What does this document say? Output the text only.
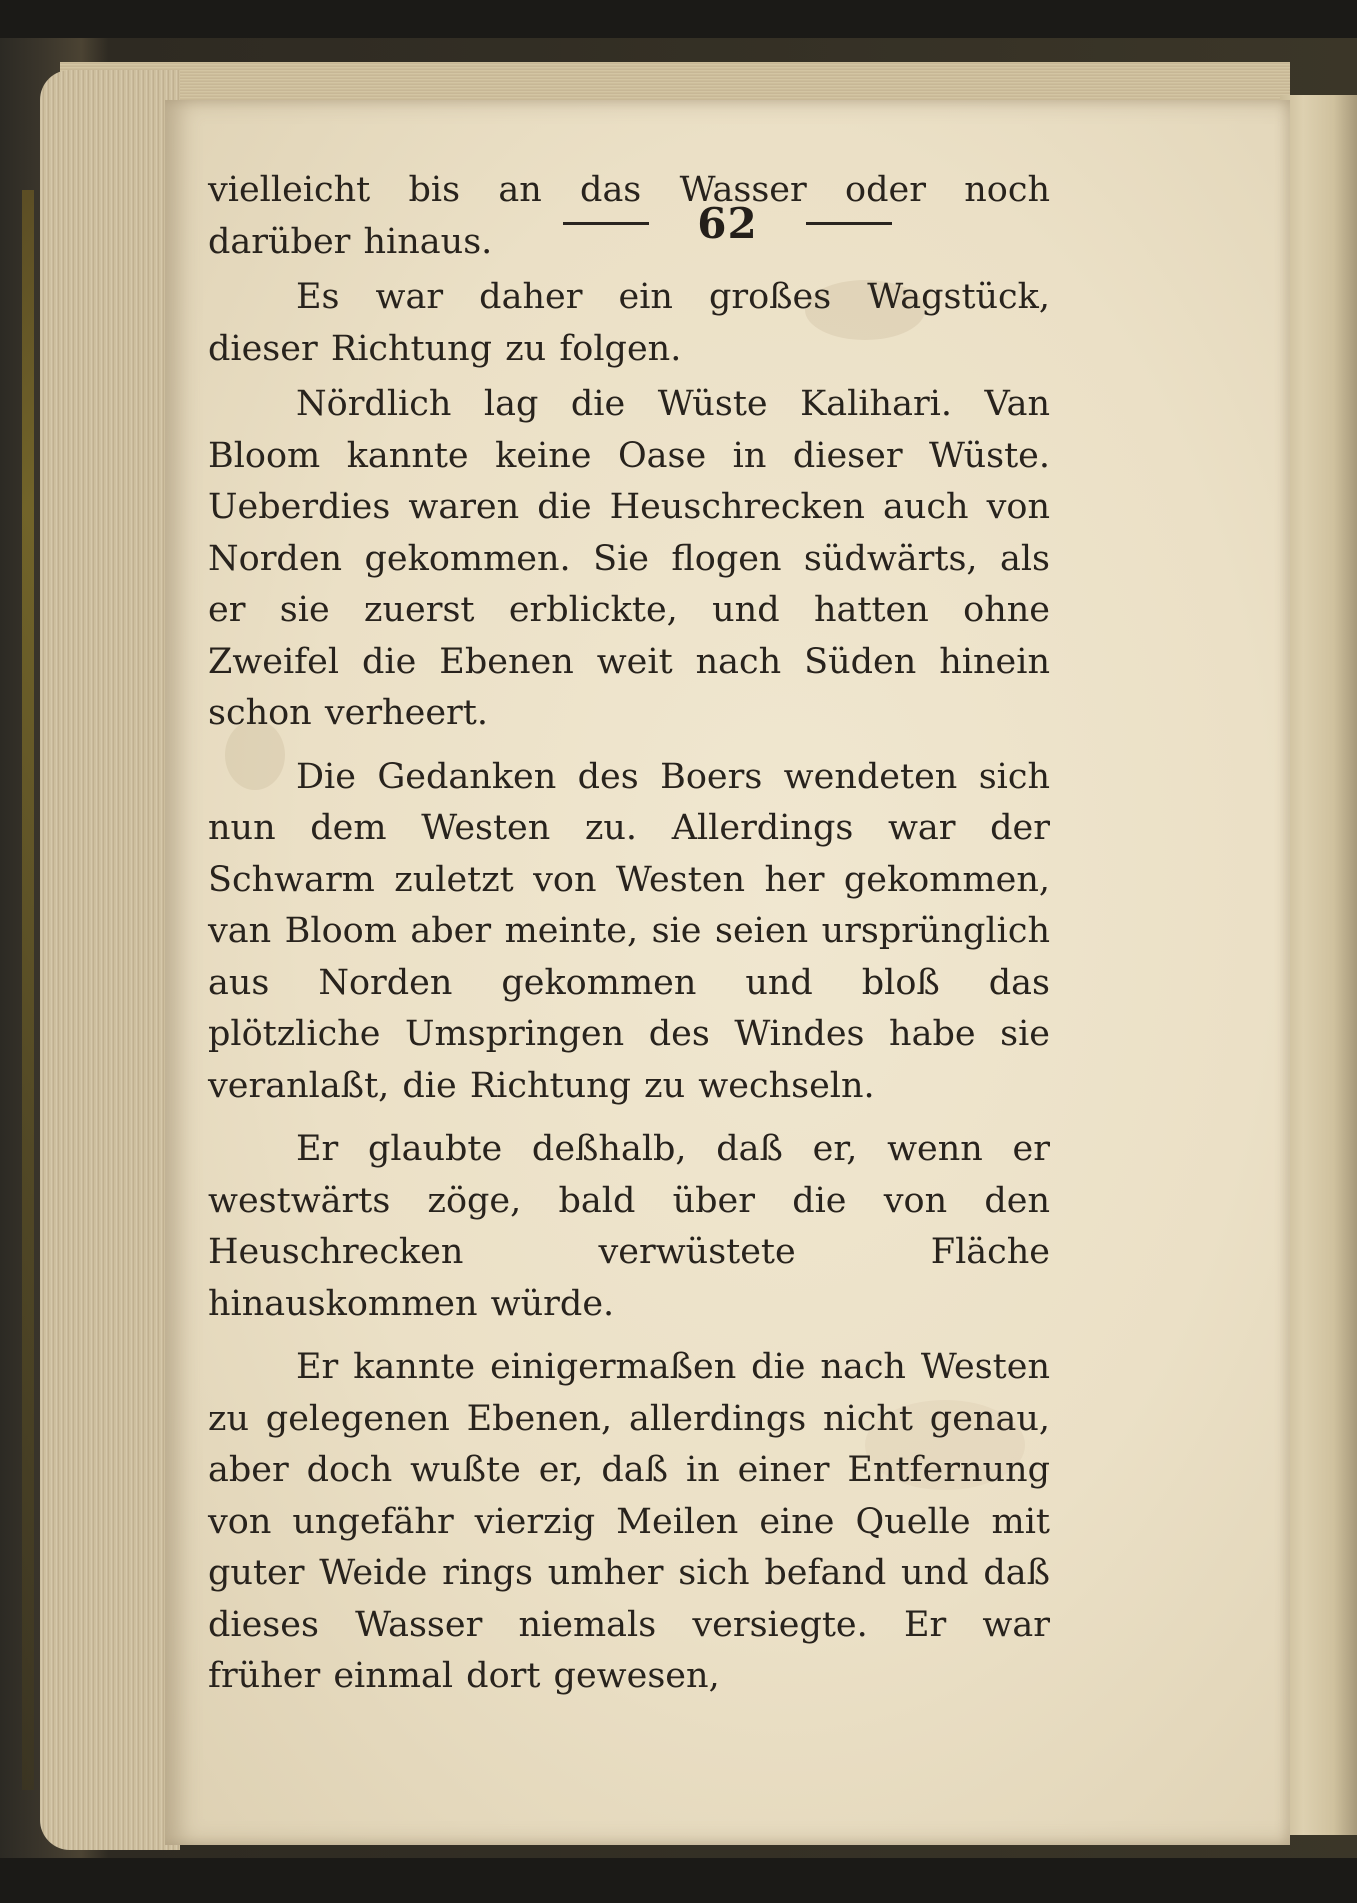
62

vielleicht bis an das Wasser oder noch darüber hinaus.

Es war daher ein großes Wagstück, dieser Richtung zu folgen.

Nördlich lag die Wüste Kalihari. Van Bloom kannte keine Oase in dieser Wüste. Ueberdies waren die Heuschrecken auch von Norden gekommen. Sie flogen südwärts, als er sie zuerst erblickte, und hatten ohne Zweifel die Ebenen weit nach Süden hinein schon verheert.

Die Gedanken des Boers wendeten sich nun dem Westen zu. Allerdings war der Schwarm zuletzt von Westen her gekommen, van Bloom aber meinte, sie seien ursprünglich aus Norden gekommen und bloß das plötzliche Umspringen des Windes habe sie veranlaßt, die Richtung zu wechseln.

Er glaubte deßhalb, daß er, wenn er westwärts zöge, bald über die von den Heuschrecken verwüstete Fläche hinauskommen würde.

Er kannte einigermaßen die nach Westen zu gelegenen Ebenen, allerdings nicht genau, aber doch wußte er, daß in einer Entfernung von ungefähr vierzig Meilen eine Quelle mit guter Weide rings umher sich befand und daß dieses Wasser niemals versiegte. Er war früher einmal dort gewesen,
